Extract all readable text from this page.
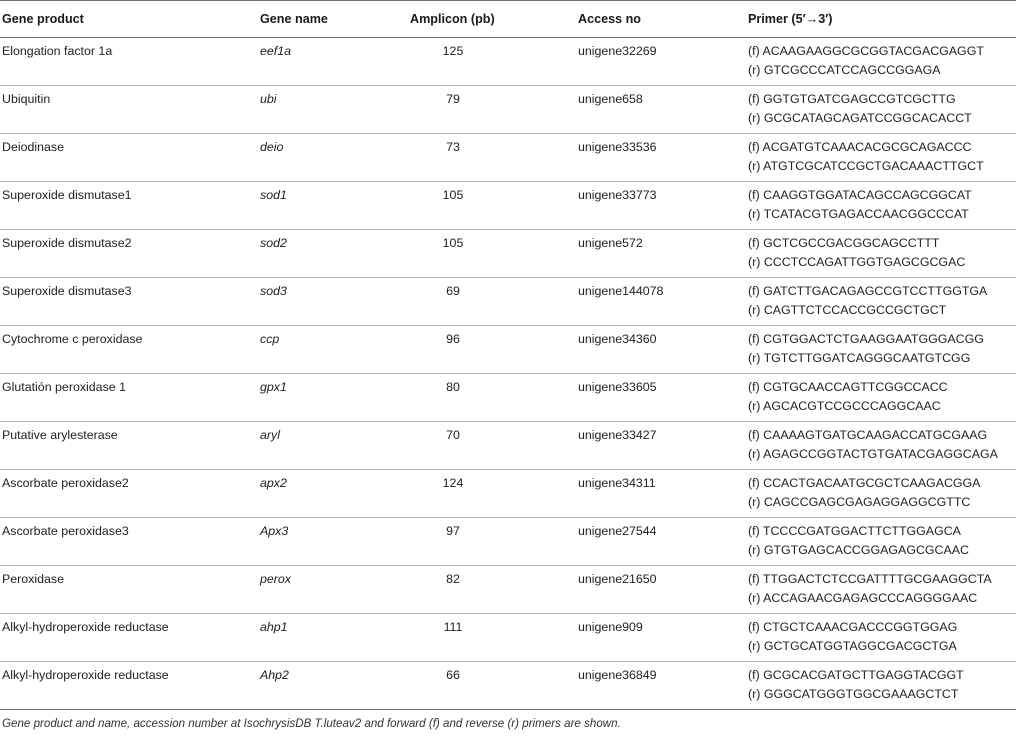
Gene product	Gene name	Amplicon (pb)	Access no	Primer (5′→3′)

Elongation factor 1a	eef1a	125	unigene32269	(f) ACAAGAAGGCGCGGTACGACGAGGT
(r) GTCGCCCATCCAGCCGGAGA

Ubiquitin	ubi	79	unigene658	(f) GGTGTGATCGAGCCGTCGCTTG
(r) GCGCATAGCAGATCCGGCACACCT

Deiodinase	deio	73	unigene33536	(f) ACGATGTCAAACACGCGCAGACCC
(r) ATGTCGCATCCGCTGACAAACTTGCT

Superoxide dismutase1	sod1	105	unigene33773	(f) CAAGGTGGATACAGCCAGCGGCAT
(r) TCATACGTGAGACCAACGGCCCAT

Superoxide dismutase2	sod2	105	unigene572	(f) GCTCGCCGACGGCAGCCTTT
(r) CCCTCCAGATTGGTGAGCGCGAC

Superoxide dismutase3	sod3	69	unigene144078	(f) GATCTTGACAGAGCCGTCCTTGGTGA
(r) CAGTTCTCCACCGCCGCTGCT

Cytochrome c peroxidase	ccp	96	unigene34360	(f) CGTGGACTCTGAAGGAATGGGACGG
(r) TGTCTTGGATCAGGGCAATGTCGG

Glutatión peroxidase 1	gpx1	80	unigene33605	(f) CGTGCAACCAGTTCGGCCACC
(r) AGCACGTCCGCCCAGGCAAC

Putative arylesterase	aryl	70	unigene33427	(f) CAAAAGTGATGCAAGACCATGCGAAG
(r) AGAGCCGGTACTGTGATACGAGGCAGA

Ascorbate peroxidase2	apx2	124	unigene34311	(f) CCACTGACAATGCGCTCAAGACGGA
(r) CAGCCGAGCGAGAGGAGGCGTTC

Ascorbate peroxidase3	Apx3	97	unigene27544	(f) TCCCCGATGGACTTCTTGGAGCA
(r) GTGTGAGCACCGGAGAGCGCAAC

Peroxidase	perox	82	unigene21650	(f) TTGGACTCTCCGATTTTGCGAAGGCTA
(r) ACCAGAACGAGAGCCCAGGGGAAC

Alkyl-hydroperoxide reductase	ahp1	111	unigene909	(f) CTGCTCAAACGACCCGGTGGAG
(r) GCTGCATGGTAGGCGACGCTGA

Alkyl-hydroperoxide reductase	Ahp2	66	unigene36849	(f) GCGCACGATGCTTGAGGTACGGT
(r) GGGCATGGGTGGCGAAAGCTCT
Gene product and name, accession number at IsochrysisDB T.luteav2 and forward (f) and reverse (r) primers are shown.
